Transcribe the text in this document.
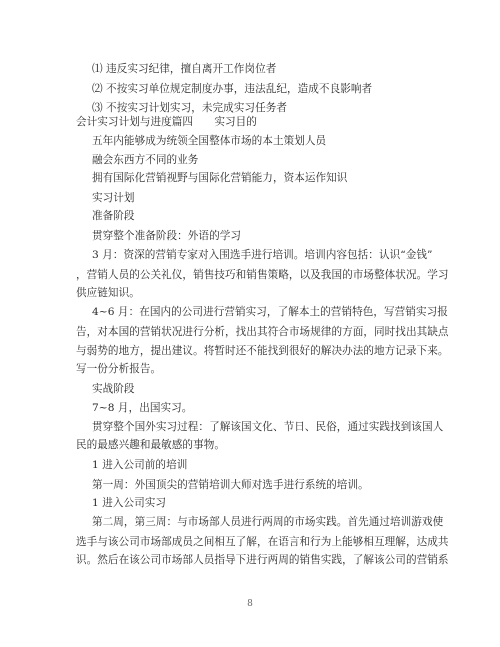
⑴ 违反实习纪律，擅自离开工作岗位者
⑵ 不按实习单位规定制度办事，违法乱纪，造成不良影响者
⑶ 不按实习计划实习，未完成实习任务者
会计实习计划与进度篇四　　实习目的
五年内能够成为统领全国整体市场的本土策划人员
融会东西方不同的业务
拥有国际化营销视野与国际化营销能力，资本运作知识
实习计划
准备阶段
贯穿整个准备阶段：外语的学习
3 月：资深的营销专家对入围选手进行培训。培训内容包括：认识“金钱”
，营销人员的公关礼仪，销售技巧和销售策略，以及我国的市场整体状况。学习
供应链知识。
4~6 月：在国内的公司进行营销实习，了解本土的营销特色，写营销实习报
告，对本国的营销状况进行分析，找出其符合市场规律的方面，同时找出其缺点
与弱势的地方，提出建议。将暂时还不能找到很好的解决办法的地方记录下来。
写一份分析报告。
实战阶段
7~8 月，出国实习。
贯穿整个国外实习过程：了解该国文化、节日、民俗，通过实践找到该国人
民的最感兴趣和最敏感的事物。
1 进入公司前的培训
第一周：外国顶尖的营销培训大师对选手进行系统的培训。
1 进入公司实习
第二周，第三周：与市场部人员进行两周的市场实践。首先通过培训游戏使
选手与该公司市场部成员之间相互了解，在语言和行为上能够相互理解，达成共
识。然后在该公司市场部人员指导下进行两周的销售实践，了解该公司的营销系
8
